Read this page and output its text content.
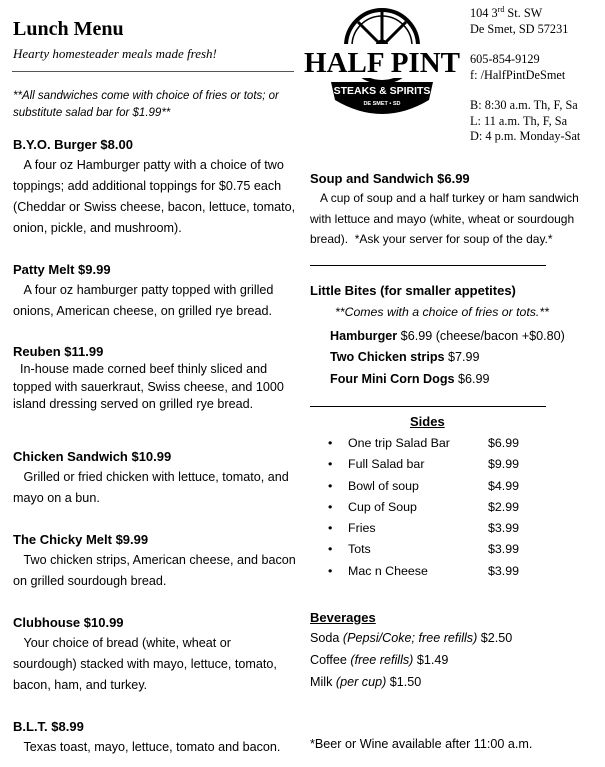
Lunch Menu
Hearty homesteader meals made fresh!
**All sandwiches come with choice of fries or tots; or substitute salad bar for $1.99**
HALF PINT
STEAKS & SPIRITS
DE SMET • SD
104 3rd St. SW
De Smet, SD 57231
605-854-9129
f: /HalfPintDeSmet
B: 8:30 a.m. Th, F, Sa
L: 11 a.m. Th, F, Sa
D: 4 p.m. Monday-Sat
B.Y.O. Burger $8.00
A four oz Hamburger patty with a choice of two toppings; add additional toppings for $0.75 each (Cheddar or Swiss cheese, bacon, lettuce, tomato, onion, pickle, and mushroom).
Patty Melt $9.99
A four oz hamburger patty topped with grilled onions, American cheese, on grilled rye bread.
Reuben $11.99
In-house made corned beef thinly sliced and topped with sauerkraut, Swiss cheese, and 1000 island dressing served on grilled rye bread.
Chicken Sandwich $10.99
Grilled or fried chicken with lettuce, tomato, and mayo on a bun.
The Chicky Melt $9.99
Two chicken strips, American cheese, and bacon on grilled sourdough bread.
Clubhouse $10.99
Your choice of bread (white, wheat or sourdough) stacked with mayo, lettuce, tomato, bacon, ham, and turkey.
B.L.T. $8.99
Texas toast, mayo, lettuce, tomato and bacon.
Soup and Sandwich $6.99
A cup of soup and a half turkey or ham sandwich with lettuce and mayo (white, wheat or sourdough bread).  *Ask your server for soup of the day.*
Little Bites (for smaller appetites)
**Comes with a choice of fries or tots.**
Hamburger $6.99 (cheese/bacon +$0.80)
Two Chicken strips $7.99
Four Mini Corn Dogs $6.99
Sides
• One trip Salad Bar	$6.99
• Full Salad bar	$9.99
• Bowl of soup	$4.99
• Cup of Soup	$2.99
• Fries	$3.99
• Tots	$3.99
• Mac n Cheese	$3.99
Beverages
Soda (Pepsi/Coke; free refills) $2.50
Coffee (free refills) $1.49
Milk (per cup) $1.50
*Beer or Wine available after 11:00 a.m.
